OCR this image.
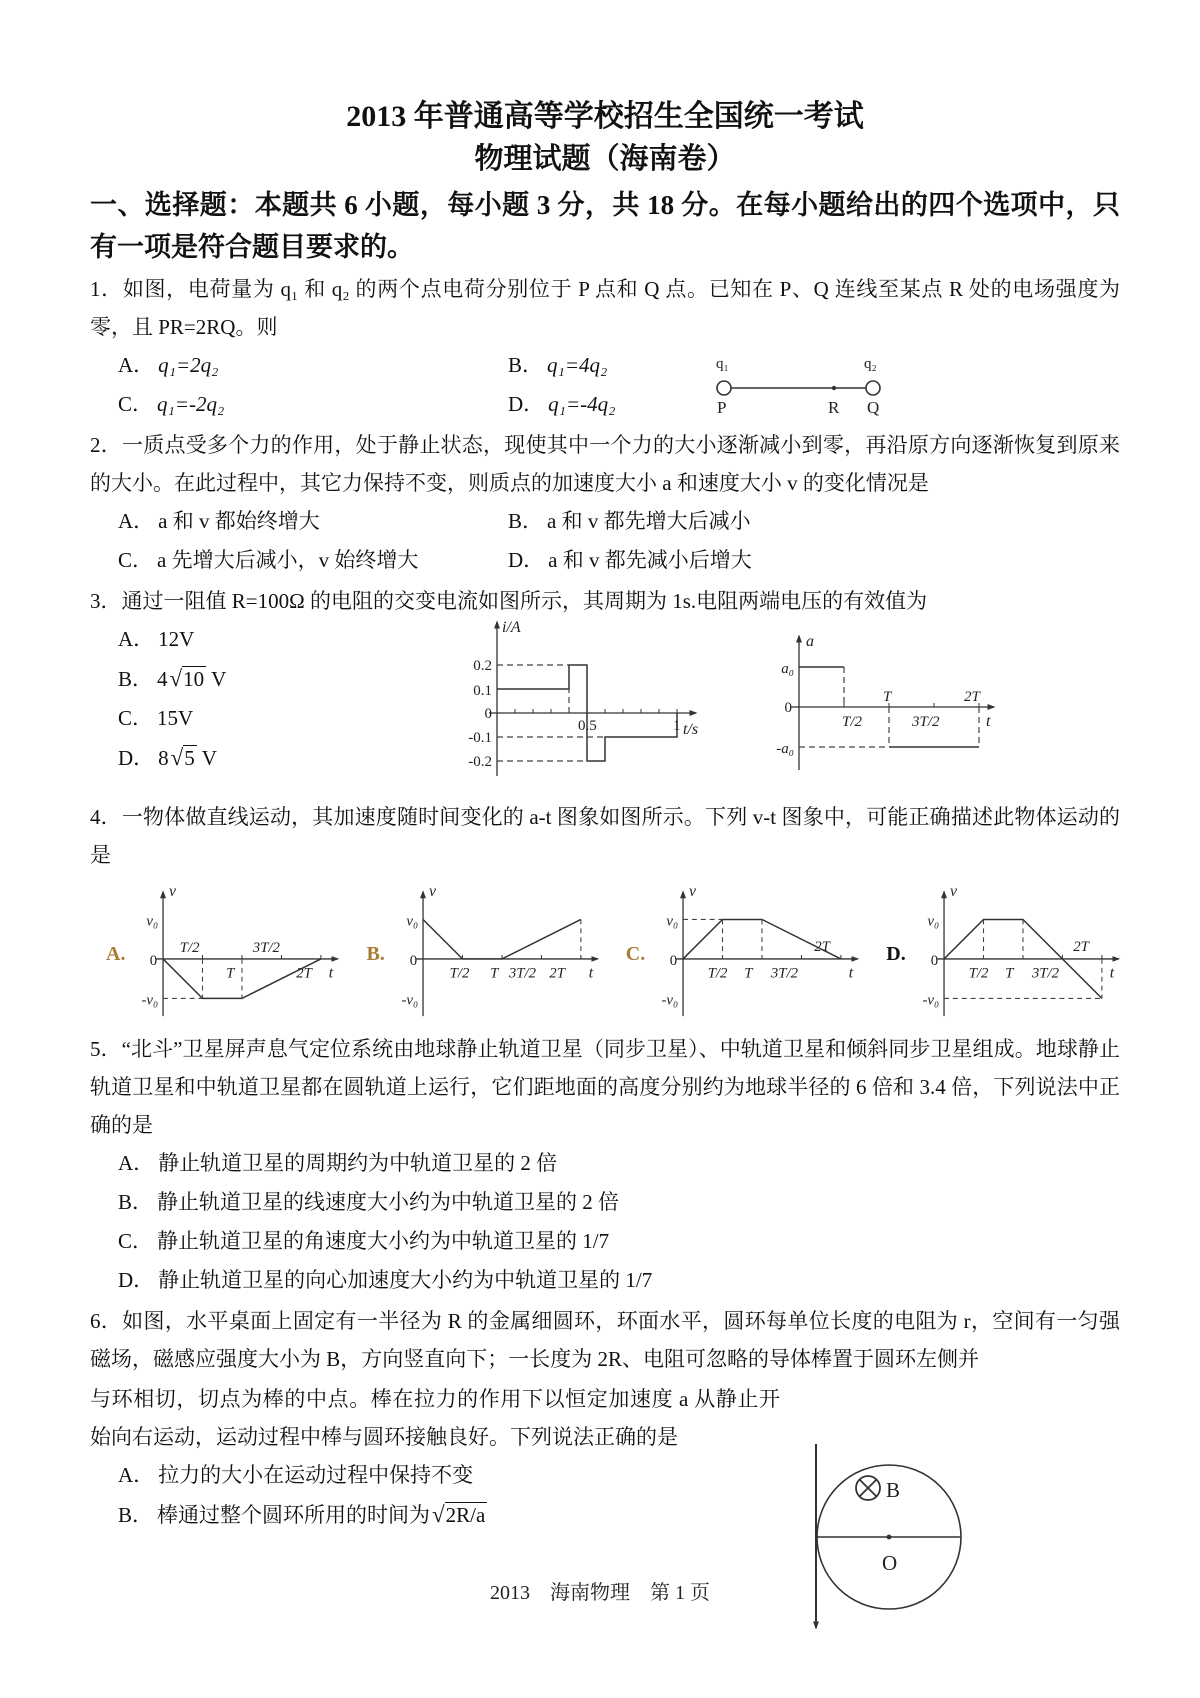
2013 年普通高等学校招生全国统一考试
物理试题（海南卷）

一、选择题：本题共 6 小题，每小题 3 分，共 18 分。在每小题给出的四个选项中，只有一项是符合题目要求的。

1．如图，电荷量为 q₁ 和 q₂ 的两个点电荷分别位于 P 点和 Q 点。已知在 P、Q 连线至某点 R 处的电场强度为零，且 PR=2RQ。则

A． q₁=2q₂	B． q₁=4q₂
C． q₁=-2q₂	D． q₁=-4q₂
q₁	q₂
P	R Q

2．一质点受多个力的作用，处于静止状态，现使其中一个力的大小逐渐减小到零，再沿原方向逐渐恢复到原来的大小。在此过程中，其它力保持不变，则质点的加速度大小 a 和速度大小 v 的变化情况是

A． a 和 v 都始终增大	B． a 和 v 都先增大后减小
C． a 先增大后减小，v 始终增大	D． a 和 v 都先减小后增大

3．通过一阻值 R=100Ω 的电阻的交变电流如图所示，其周期为 1s.电阻两端电压的有效值为

A． 12V
B． 4√10 V
C． 15V
D． 8√5 V
i/A
0.2
0.1
0
-0.1
-0.2
0.5	1 t/s
a
a₀
0
T/2
T
3T/2
2T
t
-a₀

4．一物体做直线运动，其加速度随时间变化的 a-t 图象如图所示。下列 v-t 图象中，可能正确描述此物体运动的是

A.
v
v₀
0
T/2	3T/2
T	2T t
-v₀
B.
v
v₀
0
T/2 T 3T/2 2T t
-v₀
C.
v
v₀
0
T/2 T 3T/2
2T
t
-v₀
D.
v
v₀
0
T/2 T 3T/2
2T
t
-v₀

5．“北斗”卫星屏声息气定位系统由地球静止轨道卫星（同步卫星）、中轨道卫星和倾斜同步卫星组成。地球静止轨道卫星和中轨道卫星都在圆轨道上运行，它们距地面的高度分别约为地球半径的 6 倍和 3.4 倍，下列说法中正确的是

A． 静止轨道卫星的周期约为中轨道卫星的 2 倍
B． 静止轨道卫星的线速度大小约为中轨道卫星的 2 倍
C． 静止轨道卫星的角速度大小约为中轨道卫星的 1/7
D． 静止轨道卫星的向心加速度大小约为中轨道卫星的 1/7

6．如图，水平桌面上固定有一半径为 R 的金属细圆环，环面水平，圆环每单位长度的电阻为 r，空间有一匀强磁场，磁感应强度大小为 B，方向竖直向下；一长度为 2R、电阻可忽略的导体棒置于圆环左侧并

与环相切，切点为棒的中点。棒在拉力的作用下以恒定加速度 a 从静止开始向右运动，运动过程中棒与圆环接触良好。下列说法正确的是

A． 拉力的大小在运动过程中保持不变
B． 棒通过整个圆环所用的时间为√2R/a
B
O
2013　海南物理　第 1 页
